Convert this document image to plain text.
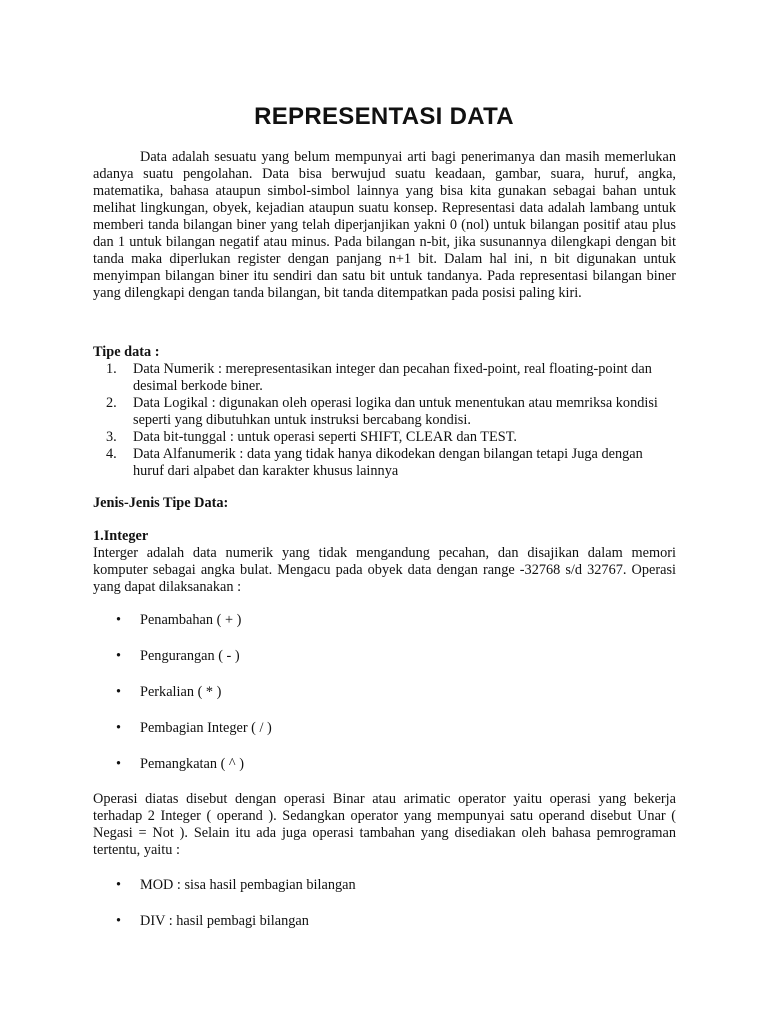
REPRESENTASI DATA
Data adalah sesuatu yang belum mempunyai arti bagi penerimanya dan masih memerlukan adanya suatu pengolahan. Data bisa berwujud suatu keadaan, gambar, suara, huruf, angka, matematika, bahasa ataupun simbol-simbol lainnya yang bisa kita gunakan sebagai bahan untuk melihat lingkungan, obyek, kejadian ataupun suatu konsep. Representasi data adalah lambang untuk memberi tanda bilangan biner yang telah diperjanjikan yakni 0 (nol) untuk bilangan positif atau plus dan 1 untuk bilangan negatif atau minus. Pada bilangan n-bit, jika susunannya dilengkapi dengan bit tanda maka diperlukan register dengan panjang n+1 bit. Dalam hal ini, n bit digunakan untuk menyimpan bilangan biner itu sendiri dan satu bit untuk tandanya. Pada representasi bilangan biner yang dilengkapi dengan tanda bilangan, bit tanda ditempatkan pada posisi paling kiri.
Tipe data :
1. Data Numerik : merepresentasikan integer dan pecahan fixed-point, real floating-point dan desimal berkode biner.
2. Data Logikal : digunakan oleh operasi logika dan untuk menentukan atau memriksa kondisi seperti yang dibutuhkan untuk instruksi bercabang kondisi.
3. Data bit-tunggal : untuk operasi seperti SHIFT, CLEAR dan TEST.
4. Data Alfanumerik : data yang tidak hanya dikodekan dengan bilangan tetapi Juga dengan huruf dari alpabet dan karakter khusus lainnya
Jenis-Jenis Tipe Data:
1.Integer
Interger adalah data numerik yang tidak mengandung pecahan, dan disajikan dalam memori komputer sebagai angka bulat. Mengacu pada obyek data dengan range -32768 s/d 32767. Operasi yang dapat dilaksanakan :
• Penambahan ( + )
• Pengurangan ( - )
• Perkalian ( * )
• Pembagian Integer ( / )
• Pemangkatan ( ^ )
Operasi diatas disebut dengan operasi Binar atau arimatic operator yaitu operasi yang bekerja terhadap 2 Integer ( operand ). Sedangkan operator yang mempunyai satu operand disebut Unar ( Negasi = Not ). Selain itu ada juga operasi tambahan yang disediakan oleh bahasa pemrograman tertentu, yaitu :
• MOD : sisa hasil pembagian bilangan
• DIV : hasil pembagi bilangan
